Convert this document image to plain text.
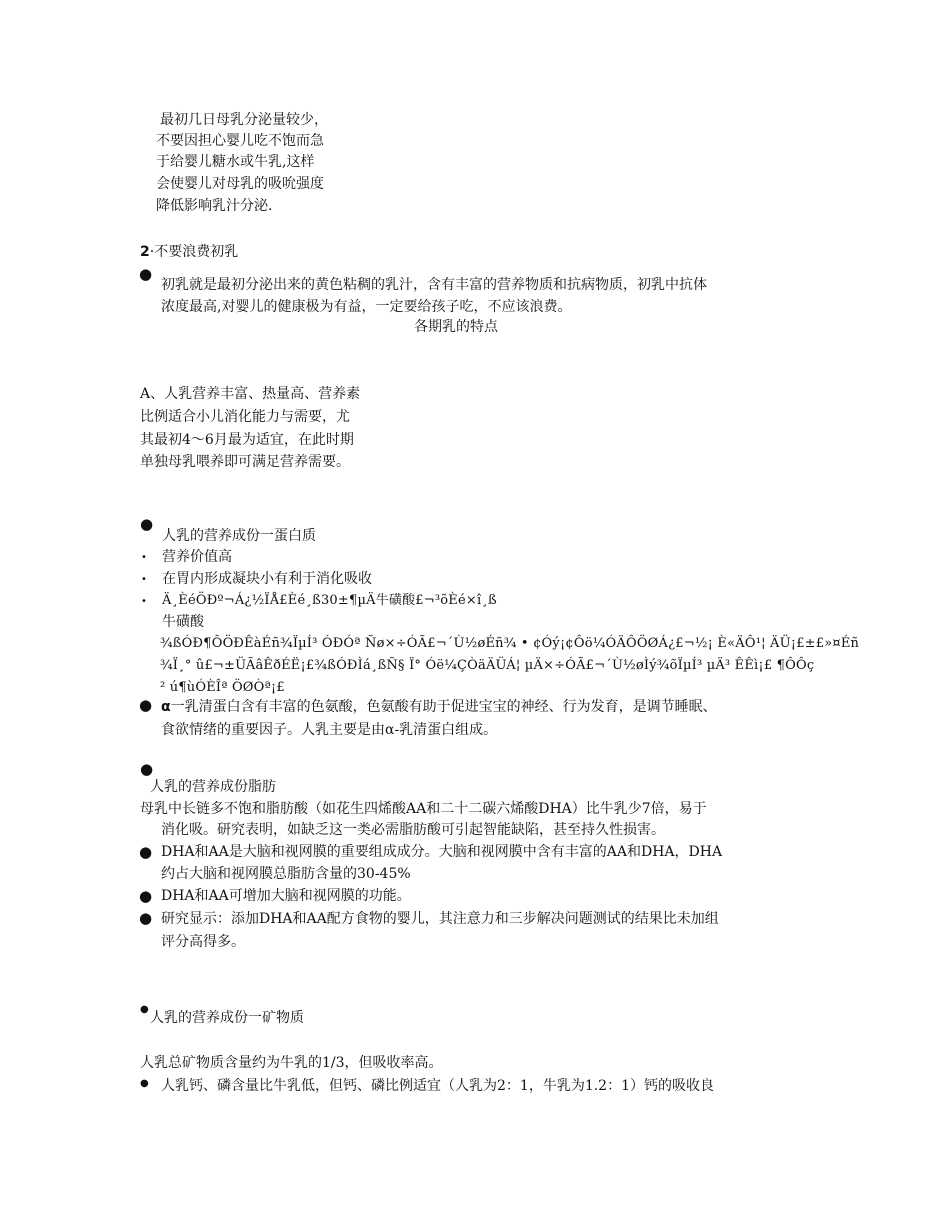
最初几日母乳分泌量较少，
不要因担心婴儿吃不饱而急
于给婴儿糖水或牛乳,这样
会使婴儿对母乳的吸吮强度
降低影响乳汁分泌.
2·不要浪费初乳
●
初乳就是最初分泌出来的黄色粘稠的乳汁，含有丰富的营养物质和抗病物质，初乳中抗体
浓度最高,对婴儿的健康极为有益，一定要给孩子吃，不应该浪费。
各期乳的特点
A、人乳营养丰富、热量高、营养素
比例适合小儿消化能力与需要，尤
其最初4～6月最为适宜，在此时期
单独母乳喂养即可满足营养需要。
●
人乳的营养成份一蛋白质
• 营养价值高
• 在胃内形成凝块小有利于消化吸收
• Ä¸ÈéÖÐº¬Á¿½ÏÅ£Èé¸ß30±¶µÄ牛磺酸£¬³õÈé×î¸ß
牛磺酸
¾ßÓÐ¶ÔÖÐÊàÉñ¾ÏµÍ³ ÓÐÓª Ñø×÷ÓÃ£¬´Ù½øÉñ¾ • ¢Óý¡¢Ôö¼ÓÄÔÖØÁ¿£¬½¡ È«ÄÔ¹¦ ÄÜ¡£±£»¤Éñ
¾Ï¸° û£¬±ÜÃâÊðÉË¡£¾ßÓÐÌá¸ßÑ§ Ï° Óë¼ÇÒäÄÜÁ¦ µÄ×÷ÓÃ£¬´Ù½øÌý¾õÏµÍ³ µÄ³ ÊÊì¡£ ¶ÔÔç
² ú¶ùÓÈÎª ÖØÒª¡£
● α一乳清蛋白含有丰富的色氨酸，色氨酸有助于促进宝宝的神经、行为发育，是调节睡眠、
食欲情绪的重要因子。人乳主要是由α-乳清蛋白组成。
●
人乳的营养成份脂肪
母乳中长链多不饱和脂肪酸（如花生四烯酸AA和二十二碳六烯酸DHA）比牛乳少7倍，易于
消化吸。研究表明，如缺乏这一类必需脂肪酸可引起智能缺陷，甚至持久性损害。
● DHA和AA是大脑和视网膜的重要组成成分。大脑和视网膜中含有丰富的AA和DHA，DHA
约占大脑和视网膜总脂肪含量的30-45%
● DHA和AA可增加大脑和视网膜的功能。
● 研究显示：添加DHA和AA配方食物的婴儿，其注意力和三步解决问题测试的结果比未加组
评分高得多。
●
人乳的营养成份一矿物质
人乳总矿物质含量约为牛乳的1/3，但吸收率高。
● 人乳钙、磷含量比牛乳低，但钙、磷比例适宜（人乳为2：1，牛乳为1.2：1）钙的吸收良
